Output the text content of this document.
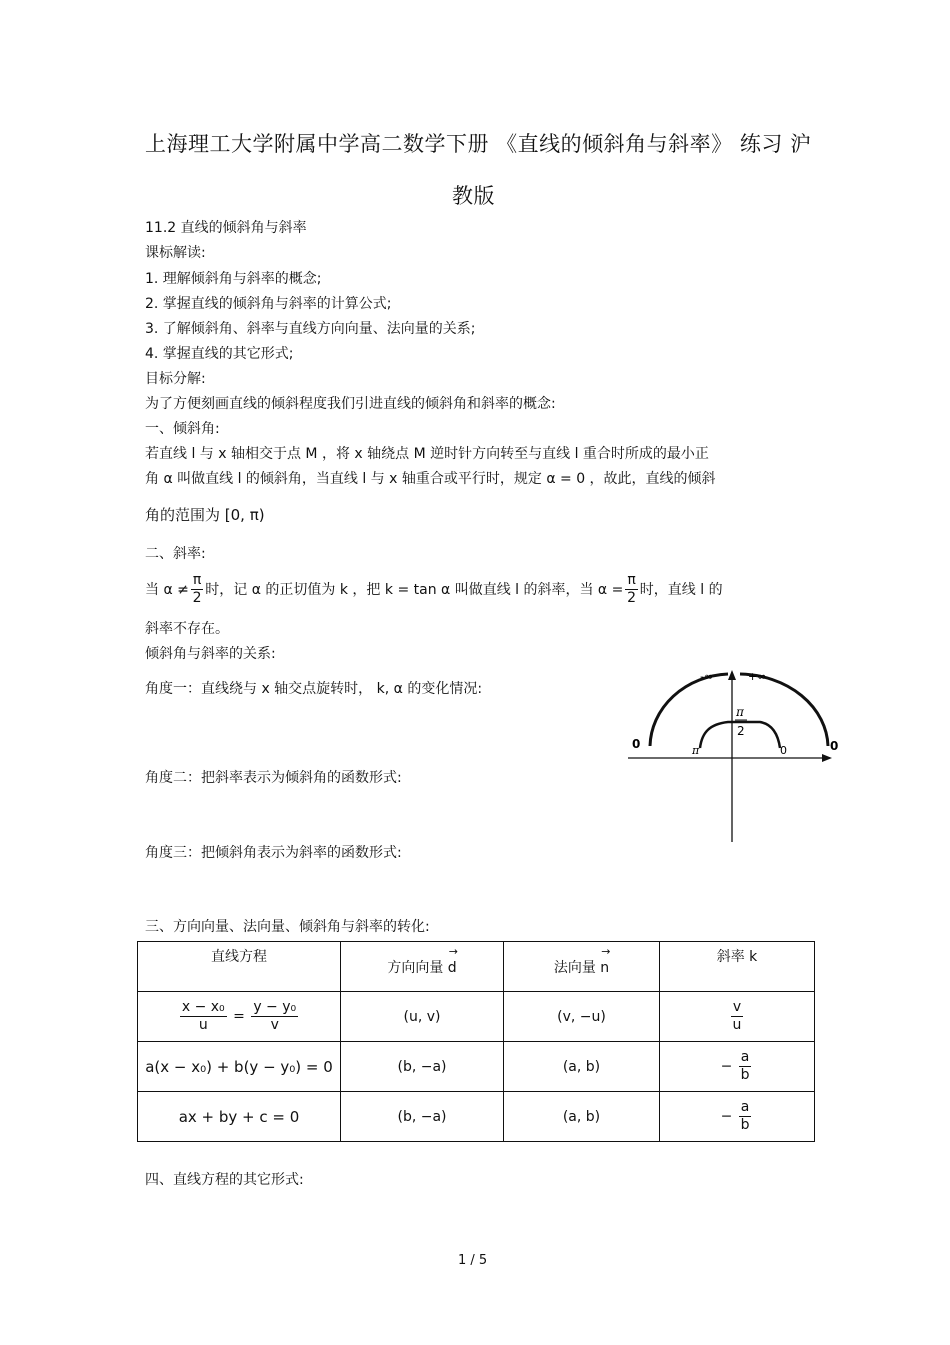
上海理工大学附属中学高二数学下册 《直线的倾斜角与斜率》 练习 沪
教版
11.2 直线的倾斜角与斜率
课标解读:
1. 理解倾斜角与斜率的概念;
2. 掌握直线的倾斜角与斜率的计算公式;
3. 了解倾斜角、斜率与直线方向向量、法向量的关系;
4. 掌握直线的其它形式;
目标分解:
为了方便刻画直线的倾斜程度我们引进直线的倾斜角和斜率的概念:
一、倾斜角:
若直线 l 与 x 轴相交于点 M ，将 x 轴绕点 M 逆时针方向转至与直线 l 重合时所成的最小正
角 α 叫做直线 l 的倾斜角，当直线 l 与 x 轴重合或平行时，规定 α = 0 ，故此，直线的倾斜
角的范围为 [0, π)
二、斜率:
当 $\alpha \ne \frac{\pi}{2}$ 时，记 α 的正切值为 k ，把 k = tan α 叫做直线 l 的斜率，当 $\alpha = \frac{\pi}{2}$ 时，直线 l 的
斜率不存在。
倾斜角与斜率的关系:
角度一：直线绕与 x 轴交点旋转时， k, α 的变化情况:
角度二：把斜率表示为倾斜角的函数形式:
角度三：把倾斜角表示为斜率的函数形式:
-∞	+∞
0	0
π
2
π	0
三、方向向量、法向量、倾斜角与斜率的转化:
直线方程	方向向量 → d	法向量 → n	斜率 k

$\frac{\text{x − x₀}}{u} = \frac{\text{y − y₀}}{v}$	(u, v)	(v, −u)	$\frac{v}{u}$

a(x − x₀) + b(y − y₀) = 0	(b, −a)	(a, b)	− $\frac{a}{b}$

ax + by + c = 0	(b, −a)	(a, b)	− $\frac{a}{b}$
四、直线方程的其它形式:
1 / 5
